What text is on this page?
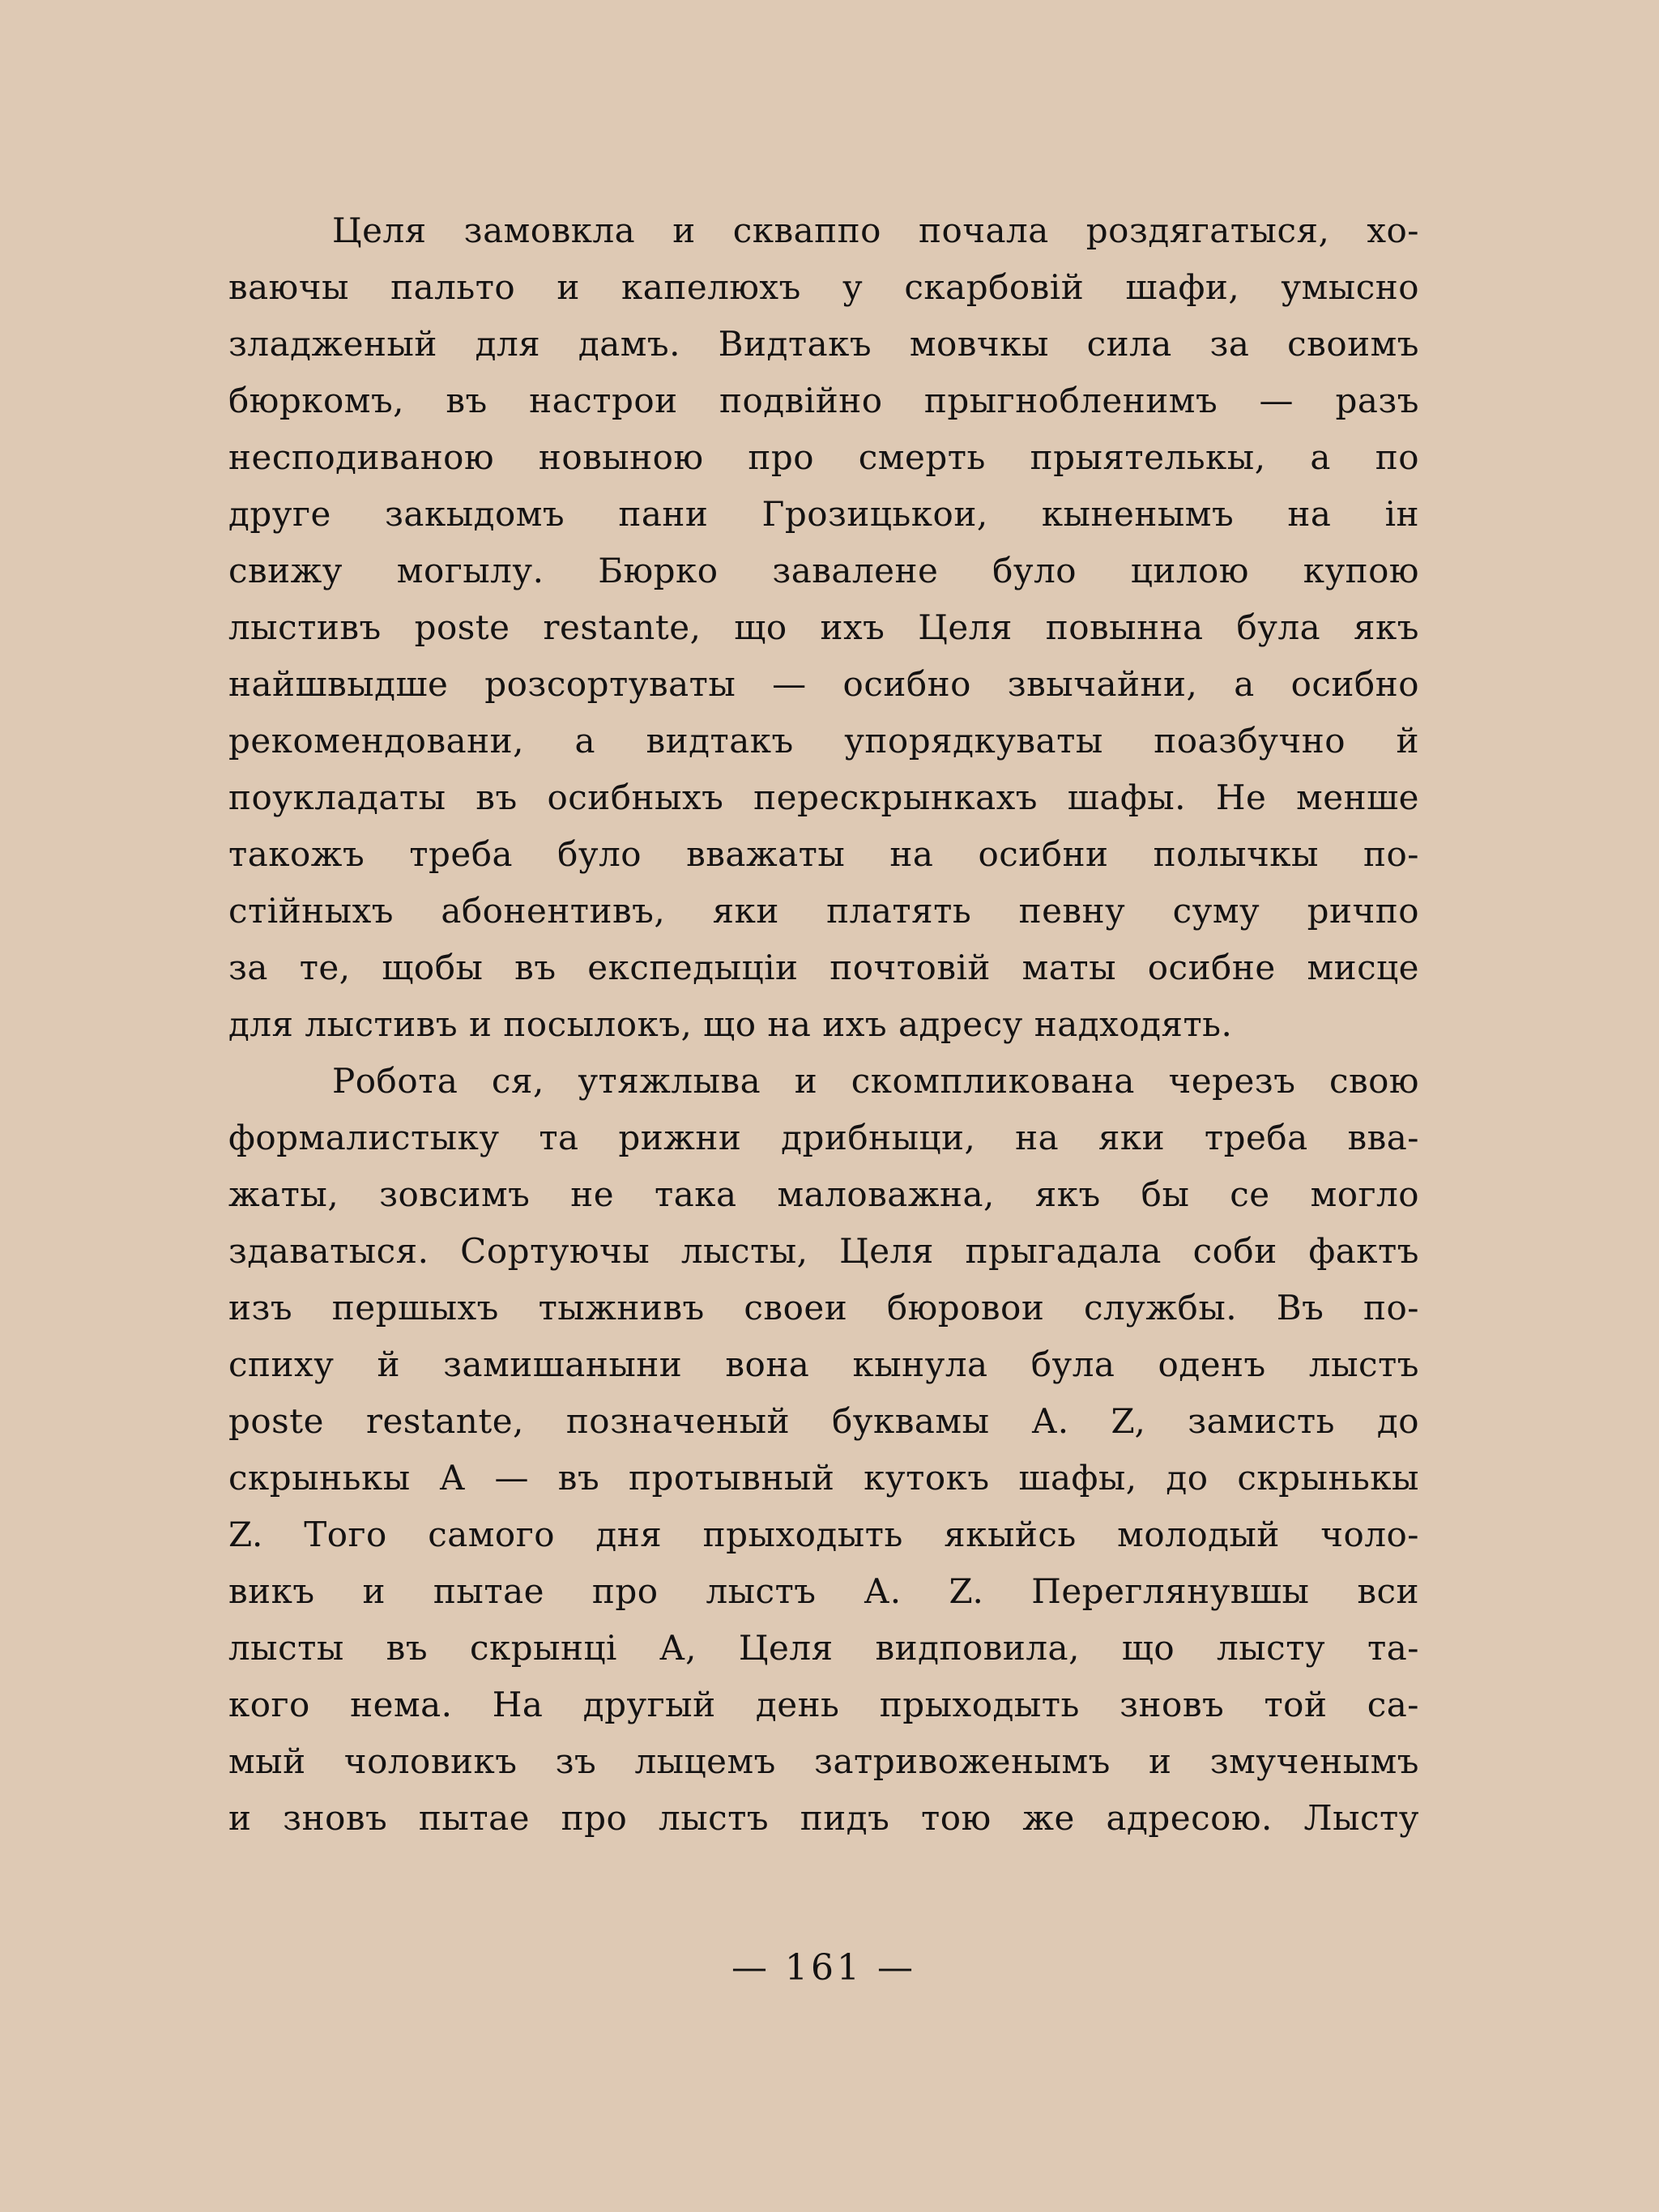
Целя замовкла и скваппо почала роздягатыся, хо-
ваючы пальто и капелюхъ у скарбовій шафи, умысно
зладженый для дамъ. Видтакъ мовчкы сила за своимъ
бюркомъ, въ настрои подвійно прыгнобленимъ — разъ
несподиваною новыною про смерть прыятелькы, а по
друге закыдомъ пани Грозицькои, кыненымъ на ін
свижу могылу. Бюрко завалене було цилою купою
лыстивъ poste restante, що ихъ Целя повынна була якъ
найшвыдше розсортуваты — осибно звычайни, а осибно
рекомендовани, а видтакъ упорядкуваты поазбучно й
поукладаты въ осибныхъ перескрынкахъ шафы. Не менше
такожъ треба було вважаты на осибни полычкы по-
стійныхъ абонентивъ, яки платять певну суму ричпо
за те, щобы въ експедыціи почтовій маты осибне мисце
для лыстивъ и посылокъ, що на ихъ адресу надходять.
Робота ся, утяжлыва и скомпликована черезъ свою
формалистыку та рижни дрибныци, на яки треба вва-
жаты, зовсимъ не така маловажна, якъ бы се могло
здаватыся. Сортуючы лысты, Целя прыгадала соби фактъ
изъ першыхъ тыжнивъ своеи бюровои службы. Въ по-
спиху й замишаныни вона кынула була оденъ лыстъ
poste restante, позначеный буквамы А. Z, замисть до
скрынькы А — въ протывный кутокъ шафы, до скрынькы
Z. Того самого дня прыходыть якыйсь молодый чоло-
викъ и пытае про лыстъ А. Z. Переглянувшы вси
лысты въ скрынці А, Целя видповила, що лысту та-
кого нема. На другый день прыходыть зновъ той са-
мый чоловикъ зъ лыцемъ затривоженымъ и змученымъ
и зновъ пытае про лыстъ пидъ тою же адресою. Лысту
— 161 —
